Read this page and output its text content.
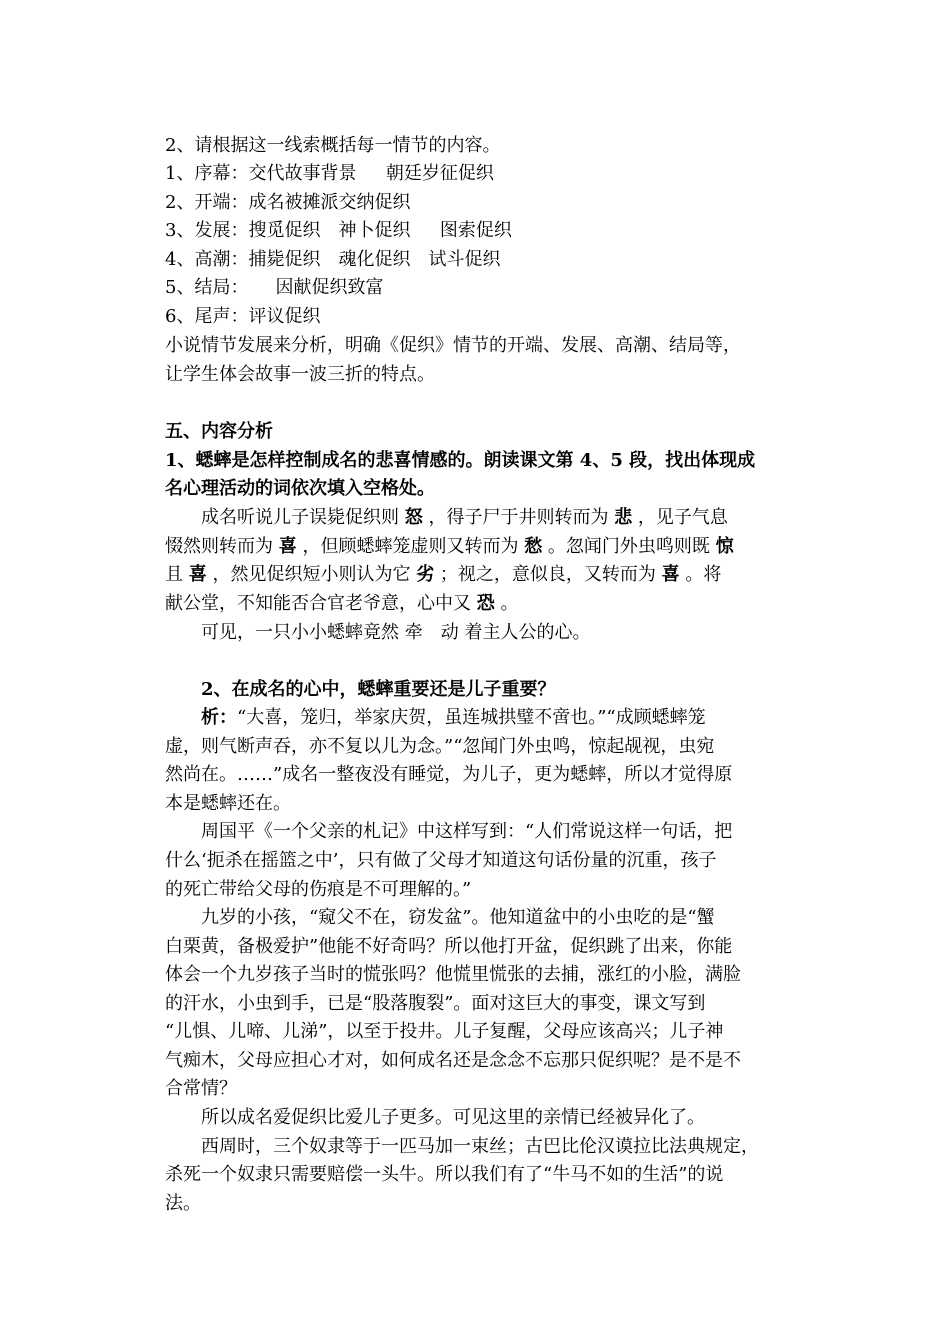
2、请根据这一线索概括每一情节的内容。

1、序幕：交代故事背景　  朝廷岁征促织

2、开端：成名被摊派交纳促织

3、发展：搜觅促织　神卜促织　  图索促织

4、高潮：捕毙促织　魂化促织　试斗促织

5、结局：　　因献促织致富

6、尾声：评议促织

小说情节发展来分析，明确《促织》情节的开端、发展、高潮、结局等，

让学生体会故事一波三折的特点。

五、内容分析

1、蟋蟀是怎样控制成名的悲喜情感的。朗读课文第 4、5 段，找出体现成

名心理活动的词依次填入空格处。

　　成名听说儿子误毙促织则 怒 ，得子尸于井则转而为 悲 ，见子气息

惙然则转而为 喜 ，但顾蟋蟀笼虚则又转而为 愁 。忽闻门外虫鸣则既 惊

且 喜 ，然见促织短小则认为它 劣 ；视之，意似良，又转而为 喜 。将

献公堂，不知能否合官老爷意，心中又 恐 。

　　可见，一只小小蟋蟀竟然 牵　动 着主人公的心。

　　2、在成名的心中，蟋蟀重要还是儿子重要？

　　析：“大喜，笼归，举家庆贺，虽连城拱璧不啻也。”“成顾蟋蟀笼

虚，则气断声吞，亦不复以儿为念。”“忽闻门外虫鸣，惊起觇视，虫宛

然尚在。……”成名一整夜没有睡觉，为儿子，更为蟋蟀，所以才觉得原

本是蟋蟀还在。

　　周国平《一个父亲的札记》中这样写到：“人们常说这样一句话，把

什么‘扼杀在摇篮之中’，只有做了父母才知道这句话份量的沉重，孩子

的死亡带给父母的伤痕是不可理解的。”

　　九岁的小孩，“窥父不在，窃发盆”。他知道盆中的小虫吃的是“蟹

白栗黄，备极爱护”他能不好奇吗？所以他打开盆，促织跳了出来，你能

体会一个九岁孩子当时的慌张吗？他慌里慌张的去捕，涨红的小脸，满脸

的汗水，小虫到手，已是“股落腹裂”。面对这巨大的事变，课文写到

“儿惧、儿啼、儿涕”，以至于投井。儿子复醒，父母应该高兴；儿子神

气痴木，父母应担心才对，如何成名还是念念不忘那只促织呢？是不是不

合常情？

　　所以成名爱促织比爱儿子更多。可见这里的亲情已经被异化了。

　　西周时，三个奴隶等于一匹马加一束丝；古巴比伦汉谟拉比法典规定，

杀死一个奴隶只需要赔偿一头牛。所以我们有了“牛马不如的生活”的说

法。
